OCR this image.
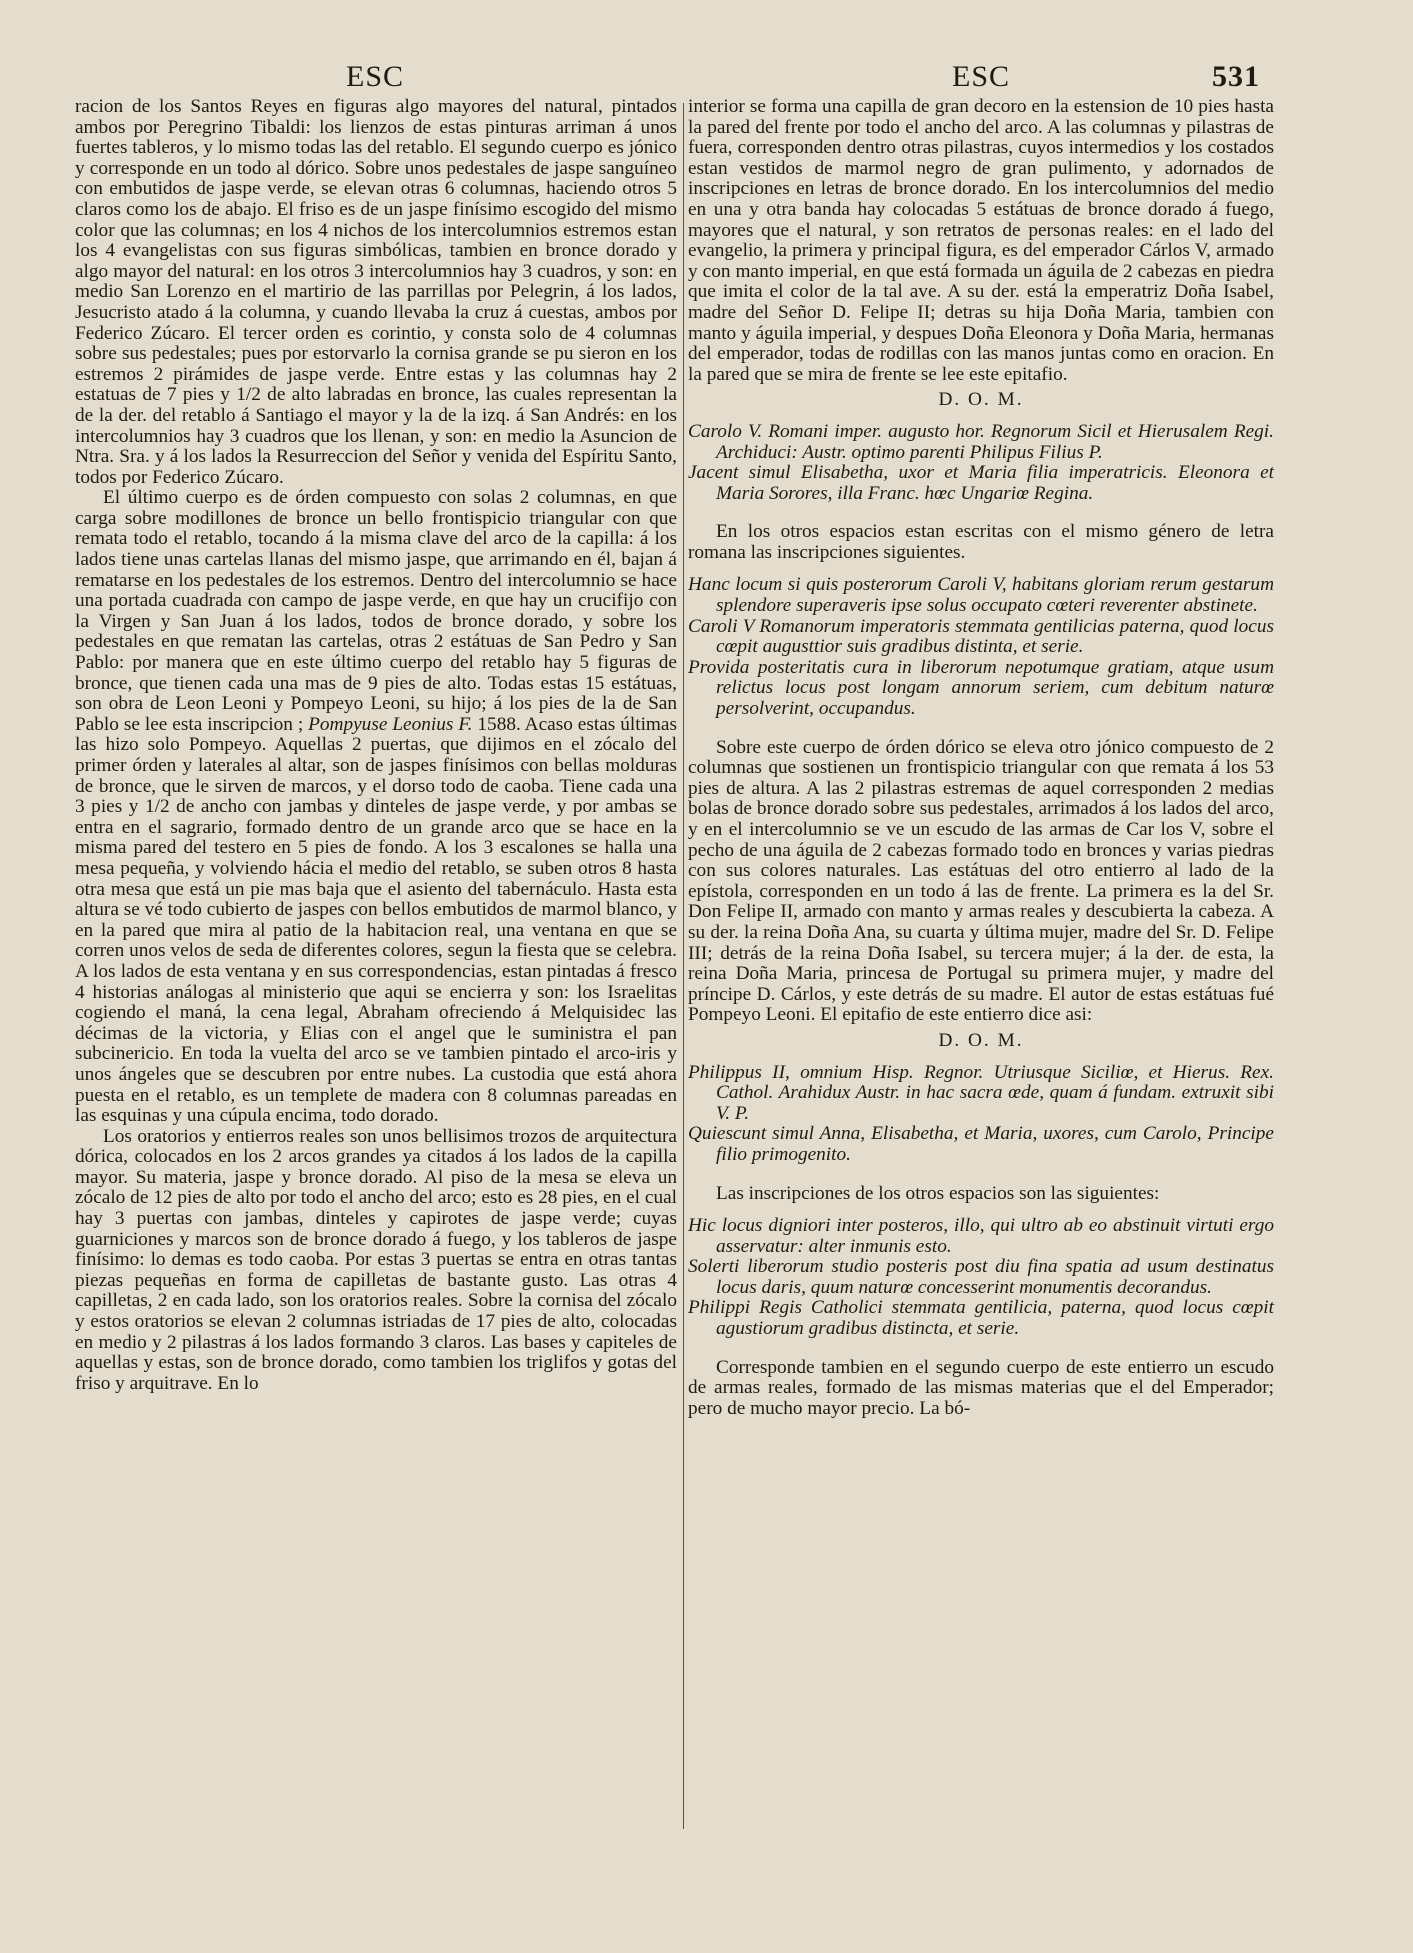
ESC	ESC	531

racion de los Santos Reyes en figuras algo mayores del natural, pintados ambos por Peregrino Tibaldi: los lienzos de estas pinturas arriman á unos fuertes tableros, y lo mismo todas las del retablo. El segundo cuerpo es jónico y corresponde en un todo al dórico. Sobre unos pedestales de jaspe sanguíneo con embutidos de jaspe verde, se elevan otras 6 columnas, haciendo otros 5 claros como los de abajo. El friso es de un jaspe finísimo escogido del mismo color que las columnas; en los 4 nichos de los intercolumnios estremos estan los 4 evangelistas con sus figuras simbólicas, tambien en bronce dorado y algo mayor del natural: en los otros 3 intercolumnios hay 3 cuadros, y son: en medio San Lorenzo en el martirio de las parrillas por Pelegrin, á los lados, Jesucristo atado á la columna, y cuando llevaba la cruz á cuestas, ambos por Federico Zúcaro. El tercer orden es corintio, y consta solo de 4 columnas sobre sus pedestales; pues por estorvarlo la cornisa grande se pu sieron en los estremos 2 pirámides de jaspe verde. Entre estas y las columnas hay 2 estatuas de 7 pies y 1/2 de alto labradas en bronce, las cuales representan la de la der. del retablo á Santiago el mayor y la de la izq. á San Andrés: en los intercolumnios hay 3 cuadros que los llenan, y son: en medio la Asuncion de Ntra. Sra. y á los lados la Resurreccion del Señor y venida del Espíritu Santo, todos por Federico Zúcaro.

El último cuerpo es de órden compuesto con solas 2 columnas, en que carga sobre modillones de bronce un bello frontispicio triangular con que remata todo el retablo, tocando á la misma clave del arco de la capilla: á los lados tiene unas cartelas llanas del mismo jaspe, que arrimando en él, bajan á rematarse en los pedestales de los estremos. Dentro del intercolumnio se hace una portada cuadrada con campo de jaspe verde, en que hay un crucifijo con la Virgen y San Juan á los lados, todos de bronce dorado, y sobre los pedestales en que rematan las cartelas, otras 2 estátuas de San Pedro y San Pablo: por manera que en este último cuerpo del retablo hay 5 figuras de bronce, que tienen cada una mas de 9 pies de alto. Todas estas 15 estátuas, son obra de Leon Leoni y Pompeyo Leoni, su hijo; á los pies de la de San Pablo se lee esta inscripcion ; Pompyuse Leonius F. 1588. Acaso estas últimas las hizo solo Pompeyo. Aquellas 2 puertas, que dijimos en el zócalo del primer órden y laterales al altar, son de jaspes finísimos con bellas molduras de bronce, que le sirven de marcos, y el dorso todo de caoba. Tiene cada una 3 pies y 1/2 de ancho con jambas y dinteles de jaspe verde, y por ambas se entra en el sagrario, formado dentro de un grande arco que se hace en la misma pared del testero en 5 pies de fondo. A los 3 escalones se halla una mesa pequeña, y volviendo hácia el medio del retablo, se suben otros 8 hasta otra mesa que está un pie mas baja que el asiento del tabernáculo. Hasta esta altura se vé todo cubierto de jaspes con bellos embutidos de marmol blanco, y en la pared que mira al patio de la habitacion real, una ventana en que se corren unos velos de seda de diferentes colores, segun la fiesta que se celebra. A los lados de esta ventana y en sus correspondencias, estan pintadas á fresco 4 historias análogas al ministerio que aqui se encierra y son: los Israelitas cogiendo el maná, la cena legal, Abraham ofreciendo á Melquisidec las décimas de la victoria, y Elias con el angel que le suministra el pan subcinericio. En toda la vuelta del arco se ve tambien pintado el arco-iris y unos ángeles que se descubren por entre nubes. La custodia que está ahora puesta en el retablo, es un templete de madera con 8 columnas pareadas en las esquinas y una cúpula encima, todo dorado.

Los oratorios y entierros reales son unos bellisimos trozos de arquitectura dórica, colocados en los 2 arcos grandes ya citados á los lados de la capilla mayor. Su materia, jaspe y bronce dorado. Al piso de la mesa se eleva un zócalo de 12 pies de alto por todo el ancho del arco; esto es 28 pies, en el cual hay 3 puertas con jambas, dinteles y capirotes de jaspe verde; cuyas guarniciones y marcos son de bronce dorado á fuego, y los tableros de jaspe finísimo: lo demas es todo caoba. Por estas 3 puertas se entra en otras tantas piezas pequeñas en forma de capilletas de bastante gusto. Las otras 4 capilletas, 2 en cada lado, son los oratorios reales. Sobre la cornisa del zócalo y estos oratorios se elevan 2 columnas istriadas de 17 pies de alto, colocadas en medio y 2 pilastras á los lados formando 3 claros. Las bases y capiteles de aquellas y estas, son de bronce dorado, como tambien los triglifos y gotas del friso y arquitrave. En lo

interior se forma una capilla de gran decoro en la estension de 10 pies hasta la pared del frente por todo el ancho del arco. A las columnas y pilastras de fuera, corresponden dentro otras pilastras, cuyos intermedios y los costados estan vestidos de marmol negro de gran pulimento, y adornados de inscripciones en letras de bronce dorado. En los intercolumnios del medio en una y otra banda hay colocadas 5 estátuas de bronce dorado á fuego, mayores que el natural, y son retratos de personas reales: en el lado del evangelio, la primera y principal figura, es del emperador Cárlos V, armado y con manto imperial, en que está formada un águila de 2 cabezas en piedra que imita el color de la tal ave. A su der. está la emperatriz Doña Isabel, madre del Señor D. Felipe II; detras su hija Doña Maria, tambien con manto y águila imperial, y despues Doña Eleonora y Doña Maria, hermanas del emperador, todas de rodillas con las manos juntas como en oracion. En la pared que se mira de frente se lee este epitafio.

D. O. M.

Carolo V. Romani imper. augusto hor. Regnorum Sicil et Hierusalem Regi. Archiduci: Austr. optimo parenti Philipus Filius P.

Jacent simul Elisabetha, uxor et Maria filia imperatricis. Eleonora et Maria Sorores, illa Franc. hœc Ungariœ Regina.

En los otros espacios estan escritas con el mismo género de letra romana las inscripciones siguientes.

Hanc locum si quis posterorum Caroli V, habitans gloriam rerum gestarum splendore superaveris ipse solus occupato cœteri reverenter abstinete.

Caroli V Romanorum imperatoris stemmata gentilicias paterna, quod locus cœpit augusttior suis gradibus distinta, et serie.

Provida posteritatis cura in liberorum nepotumque gratiam, atque usum relictus locus post longam annorum seriem, cum debitum naturœ persolverint, occupandus.

Sobre este cuerpo de órden dórico se eleva otro jónico compuesto de 2 columnas que sostienen un frontispicio triangular con que remata á los 53 pies de altura. A las 2 pilastras estremas de aquel corresponden 2 medias bolas de bronce dorado sobre sus pedestales, arrimados á los lados del arco, y en el intercolumnio se ve un escudo de las armas de Car los V, sobre el pecho de una águila de 2 cabezas formado todo en bronces y varias piedras con sus colores naturales. Las estátuas del otro entierro al lado de la epístola, corresponden en un todo á las de frente. La primera es la del Sr. Don Felipe II, armado con manto y armas reales y descubierta la cabeza. A su der. la reina Doña Ana, su cuarta y última mujer, madre del Sr. D. Felipe III; detrás de la reina Doña Isabel, su tercera mujer; á la der. de esta, la reina Doña Maria, princesa de Portugal su primera mujer, y madre del príncipe D. Cárlos, y este detrás de su madre. El autor de estas estátuas fué Pompeyo Leoni. El epitafio de este entierro dice asi:

D. O. M.

Philippus II, omnium Hisp. Regnor. Utriusque Siciliœ, et Hierus. Rex. Cathol. Arahidux Austr. in hac sacra œde, quam á fundam. extruxit sibi V. P.

Quiescunt simul Anna, Elisabetha, et Maria, uxores, cum Carolo, Principe filio primogenito.

Las inscripciones de los otros espacios son las siguientes:

Hic locus digniori inter posteros, illo, qui ultro ab eo abstinuit virtuti ergo asservatur: alter inmunis esto.

Solerti liberorum studio posteris post diu fina spatia ad usum destinatus locus daris, quum naturœ concesserint monumentis decorandus.

Philippi Regis Catholici stemmata gentilicia, paterna, quod locus cœpit agustiorum gradibus distincta, et serie.

Corresponde tambien en el segundo cuerpo de este entierro un escudo de armas reales, formado de las mismas materias que el del Emperador; pero de mucho mayor precio. La bó-
